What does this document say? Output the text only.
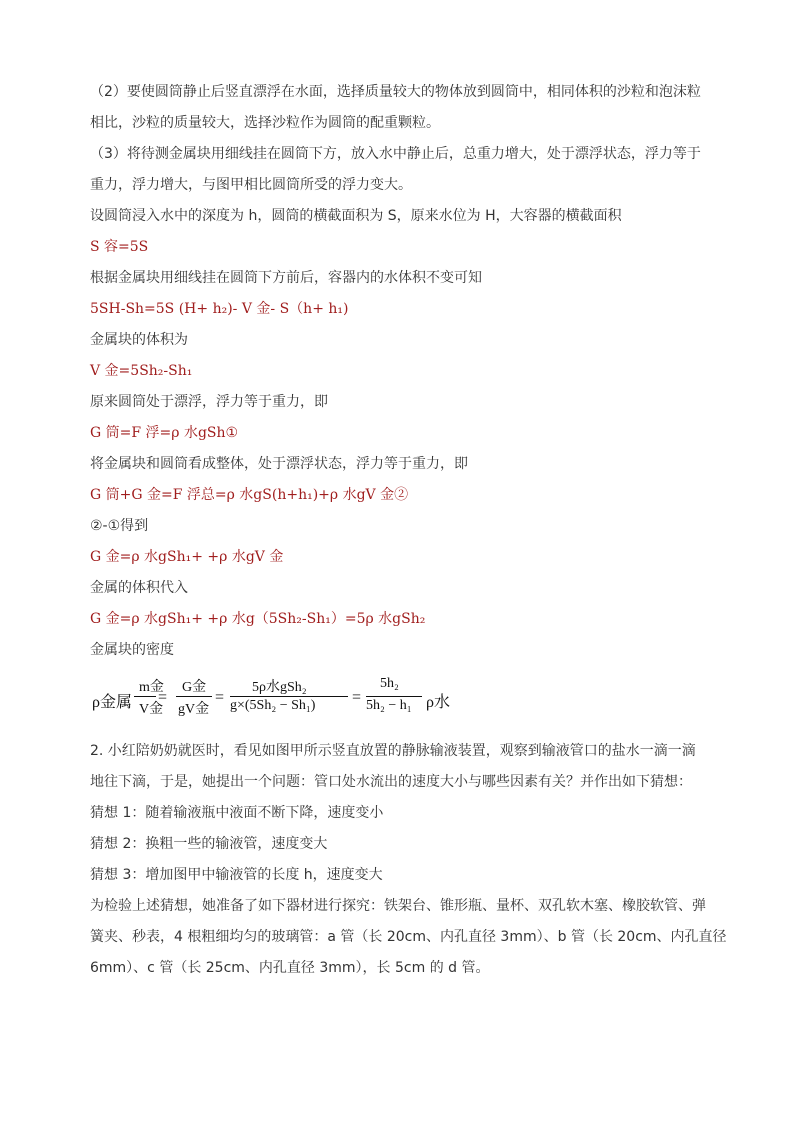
（2）要使圆筒静止后竖直漂浮在水面，选择质量较大的物体放到圆筒中，相同体积的沙粒和泡沫粒
相比，沙粒的质量较大，选择沙粒作为圆筒的配重颗粒。
（3）将待测金属块用细线挂在圆筒下方，放入水中静止后，总重力增大，处于漂浮状态，浮力等于
重力，浮力增大，与图甲相比圆筒所受的浮力变大。
设圆筒浸入水中的深度为 h，圆筒的横截面积为 S，原来水位为 H，大容器的横截面积
S 容=5S
根据金属块用细线挂在圆筒下方前后，容器内的水体积不变可知
5SH-Sh=5S (H+ h₂)- V 金- S（h+ h₁)
金属块的体积为
V 金=5Sh₂-Sh₁
原来圆筒处于漂浮，浮力等于重力，即
G 筒=F 浮=ρ 水gSh①
将金属块和圆筒看成整体，处于漂浮状态，浮力等于重力，即
G 筒+G 金=F 浮总=ρ 水gS(h+h₁)+ρ 水gV 金②
②-①得到
G 金=ρ 水gSh₁+ +ρ 水gV 金
金属的体积代入
G 金=ρ 水gSh₁+ +ρ 水g（5Sh₂-Sh₁）=5ρ 水gSh₂
金属块的密度
ρ金属 =
m金
V金
G金
gV金
=
5ρ水gSh₂
g×(5Sh₂ − Sh₁) =
5h₂
5h₂ − h₁ ρ水
2. 小红陪奶奶就医时，看见如图甲所示竖直放置的静脉输液装置，观察到输液管口的盐水一滴一滴
地往下滴，于是，她提出一个问题：管口处水流出的速度大小与哪些因素有关？并作出如下猜想：
猜想 1：随着输液瓶中液面不断下降，速度变小
猜想 2：换粗一些的输液管，速度变大
猜想 3：增加图甲中输液管的长度 h，速度变大
为检验上述猜想，她准备了如下器材进行探究：铁架台、锥形瓶、量杯、双孔软木塞、橡胶软管、弹
簧夹、秒表，4 根粗细均匀的玻璃管：a 管（长 20cm、内孔直径 3mm）、b 管（长 20cm、内孔直径
6mm）、c 管（长 25cm、内孔直径 3mm），长 5cm 的 d 管。
